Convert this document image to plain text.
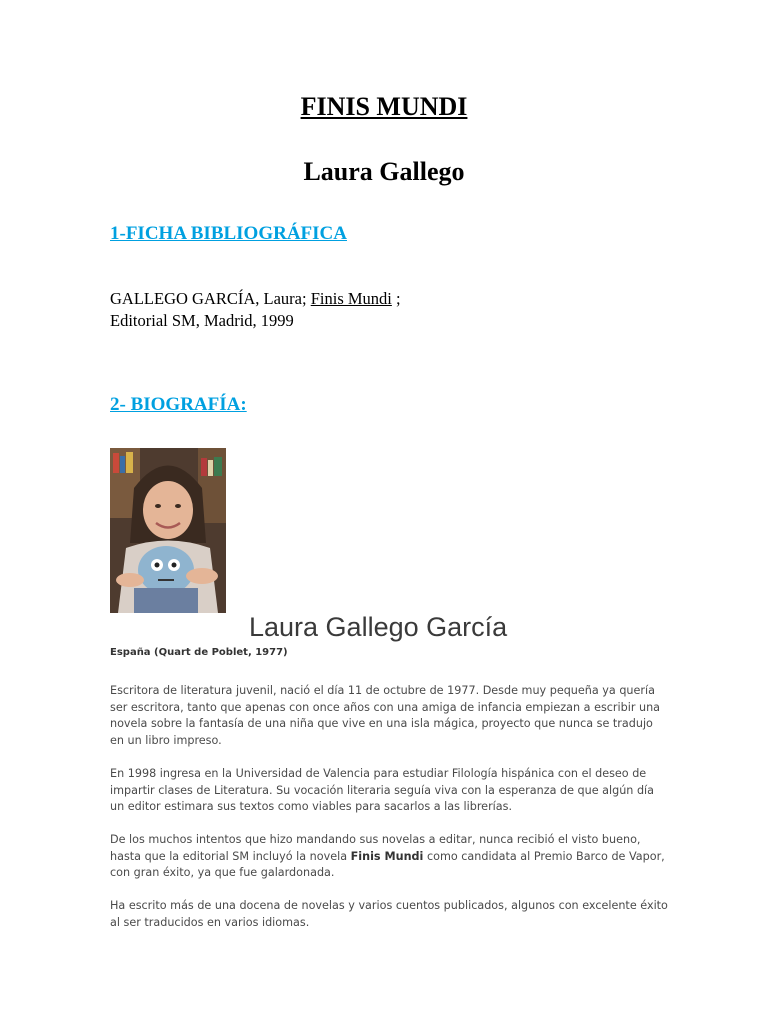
FINIS MUNDI
Laura Gallego
1-FICHA BIBLIOGRÁFICA
GALLEGO GARCÍA, Laura; Finis Mundi ;
Editorial SM, Madrid, 1999
2- BIOGRAFÍA:
Laura Gallego García
España (Quart de Poblet, 1977)

Escritora de literatura juvenil, nació el día 11 de octubre de 1977. Desde muy pequeña ya quería ser escritora, tanto que apenas con once años con una amiga de infancia empiezan a escribir una novela sobre la fantasía de una niña que vive en una isla mágica, proyecto que nunca se tradujo en un libro impreso.

En 1998 ingresa en la Universidad de Valencia para estudiar Filología hispánica con el deseo de impartir clases de Literatura. Su vocación literaria seguía viva con la esperanza de que algún día un editor estimara sus textos como viables para sacarlos a las librerías.

De los muchos intentos que hizo mandando sus novelas a editar, nunca recibió el visto bueno, hasta que la editorial SM incluyó la novela Finis Mundi como candidata al Premio Barco de Vapor, con gran éxito, ya que fue galardonada.

Ha escrito más de una docena de novelas y varios cuentos publicados, algunos con excelente éxito al ser traducidos en varios idiomas.
